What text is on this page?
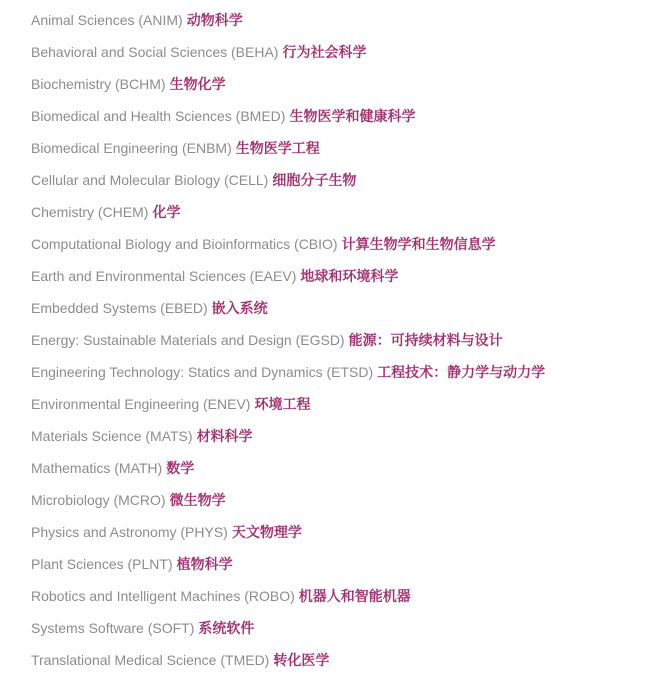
Animal Sciences (ANIM) 动物科学
Behavioral and Social Sciences (BEHA) 行为社会科学
Biochemistry (BCHM) 生物化学
Biomedical and Health Sciences (BMED) 生物医学和健康科学
Biomedical Engineering (ENBM) 生物医学工程
Cellular and Molecular Biology (CELL) 细胞分子生物
Chemistry (CHEM) 化学
Computational Biology and Bioinformatics (CBIO) 计算生物学和生物信息学
Earth and Environmental Sciences (EAEV) 地球和环境科学
Embedded Systems (EBED) 嵌入系统
Energy: Sustainable Materials and Design (EGSD) 能源：可持续材料与设计
Engineering Technology: Statics and Dynamics (ETSD) 工程技术：静力学与动力学
Environmental Engineering (ENEV) 环境工程
Materials Science (MATS) 材料科学
Mathematics (MATH) 数学
Microbiology (MCRO) 微生物学
Physics and Astronomy (PHYS) 天文物理学
Plant Sciences (PLNT) 植物科学
Robotics and Intelligent Machines (ROBO) 机器人和智能机器
Systems Software (SOFT) 系统软件
Translational Medical Science (TMED) 转化医学
